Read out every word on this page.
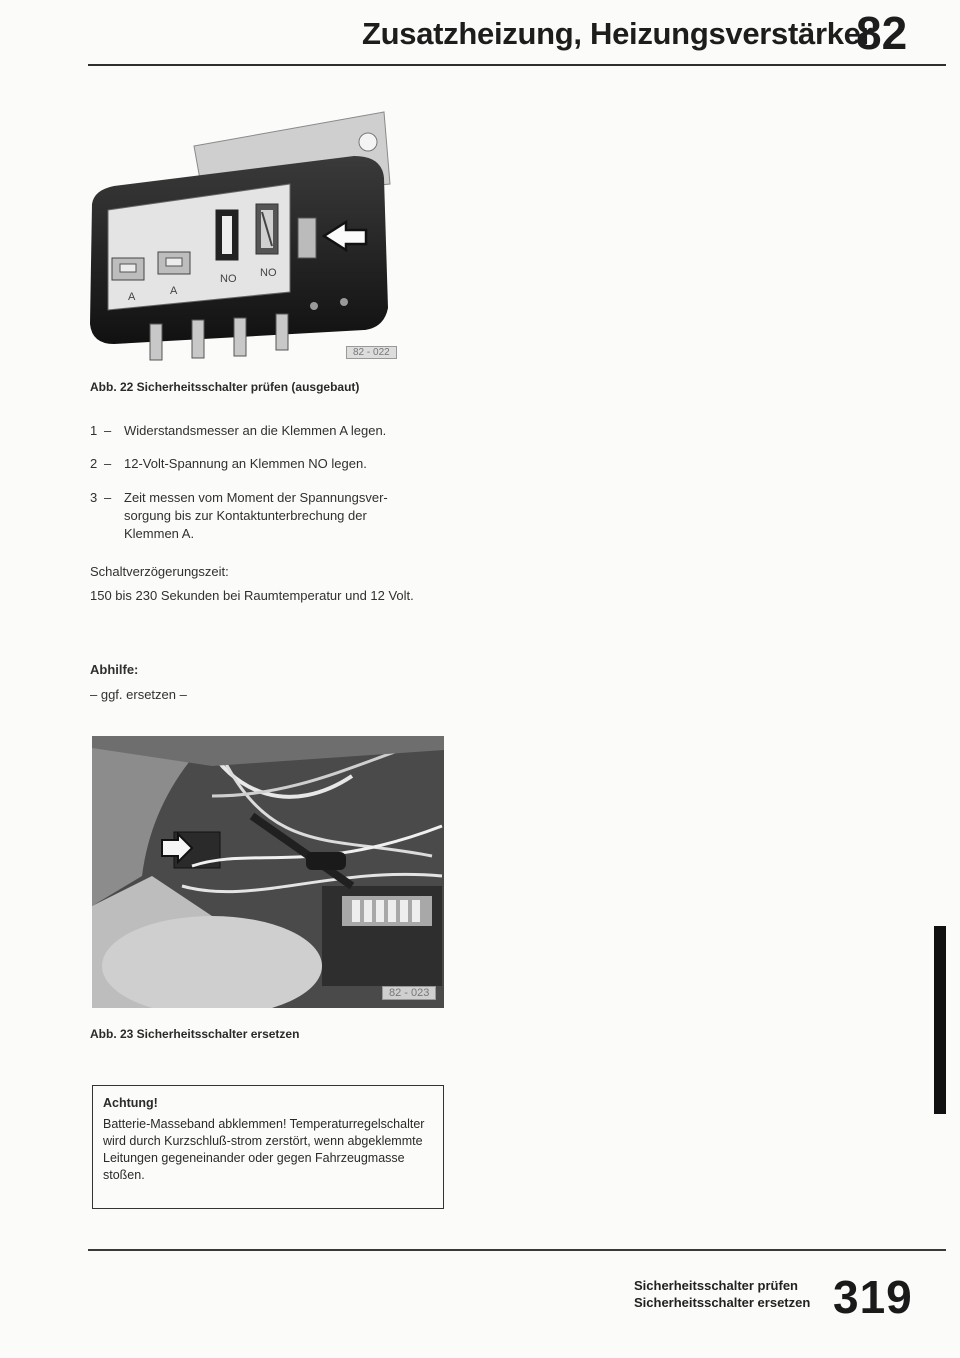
Zusatzheizung, Heizungsverstärker
82
A	A
NO NO
82 - 022
Abb. 22 Sicherheitsschalter prüfen (ausgebaut)
1 – Widerstandsmesser an die Klemmen A legen.
2 – 12-Volt-Spannung an Klemmen NO legen.
3 – Zeit messen vom Moment der Spannungsver-sorgung bis zur Kontaktunterbrechung der Klemmen A.
Schaltverzögerungszeit:
150 bis 230 Sekunden bei Raumtemperatur und 12 Volt.
Abhilfe:
– ggf. ersetzen –
82 - 023
Abb. 23 Sicherheitsschalter ersetzen
Achtung!
Batterie-Masseband abklemmen! Temperaturregelschalter wird durch Kurzschluß-strom zerstört, wenn abgeklemmte Leitungen gegeneinander oder gegen Fahrzeugmasse stoßen.
Sicherheitsschalter prüfen
Sicherheitsschalter ersetzen 319
